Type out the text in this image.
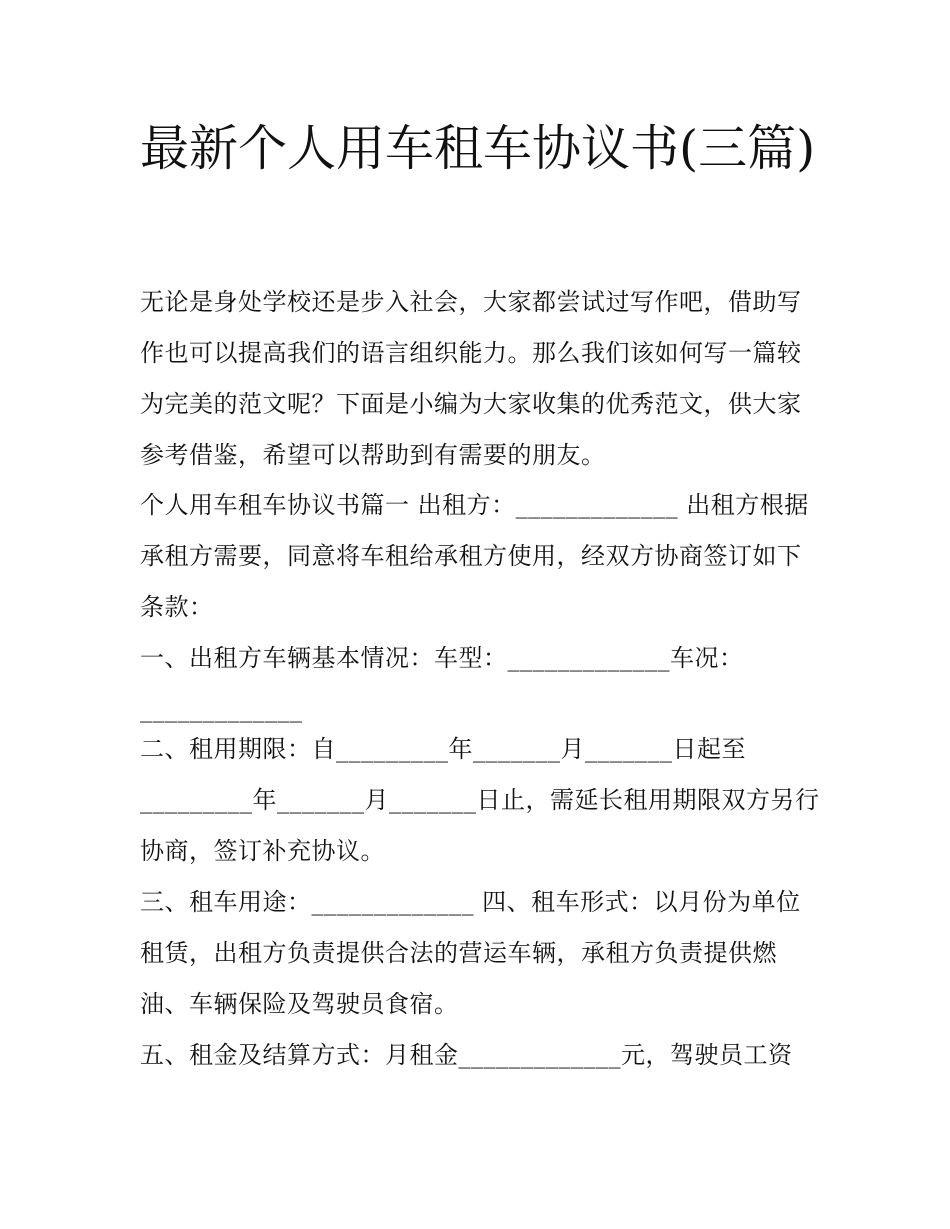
最新个人用车租车协议书(三篇)

无论是身处学校还是步入社会，大家都尝试过写作吧，借助写作也可以提高我们的语言组织能力。那么我们该如何写一篇较为完美的范文呢？下面是小编为大家收集的优秀范文，供大家参考借鉴，希望可以帮助到有需要的朋友。

个人用车租车协议书篇一 出租方：_____________ 出租方根据承租方需要，同意将车租给承租方使用，经双方协商签订如下条款：

一、出租方车辆基本情况：车型：_____________车况：_____________

二、租用期限：自_________年_______月_______日起至_________年_______月_______日止，需延长租用期限双方另行协商，签订补充协议。

三、租车用途：_____________ 四、租车形式：以月份为单位租赁，出租方负责提供合法的营运车辆，承租方负责提供燃油、车辆保险及驾驶员食宿。

五、租金及结算方式：月租金_____________元，驾驶员工资
